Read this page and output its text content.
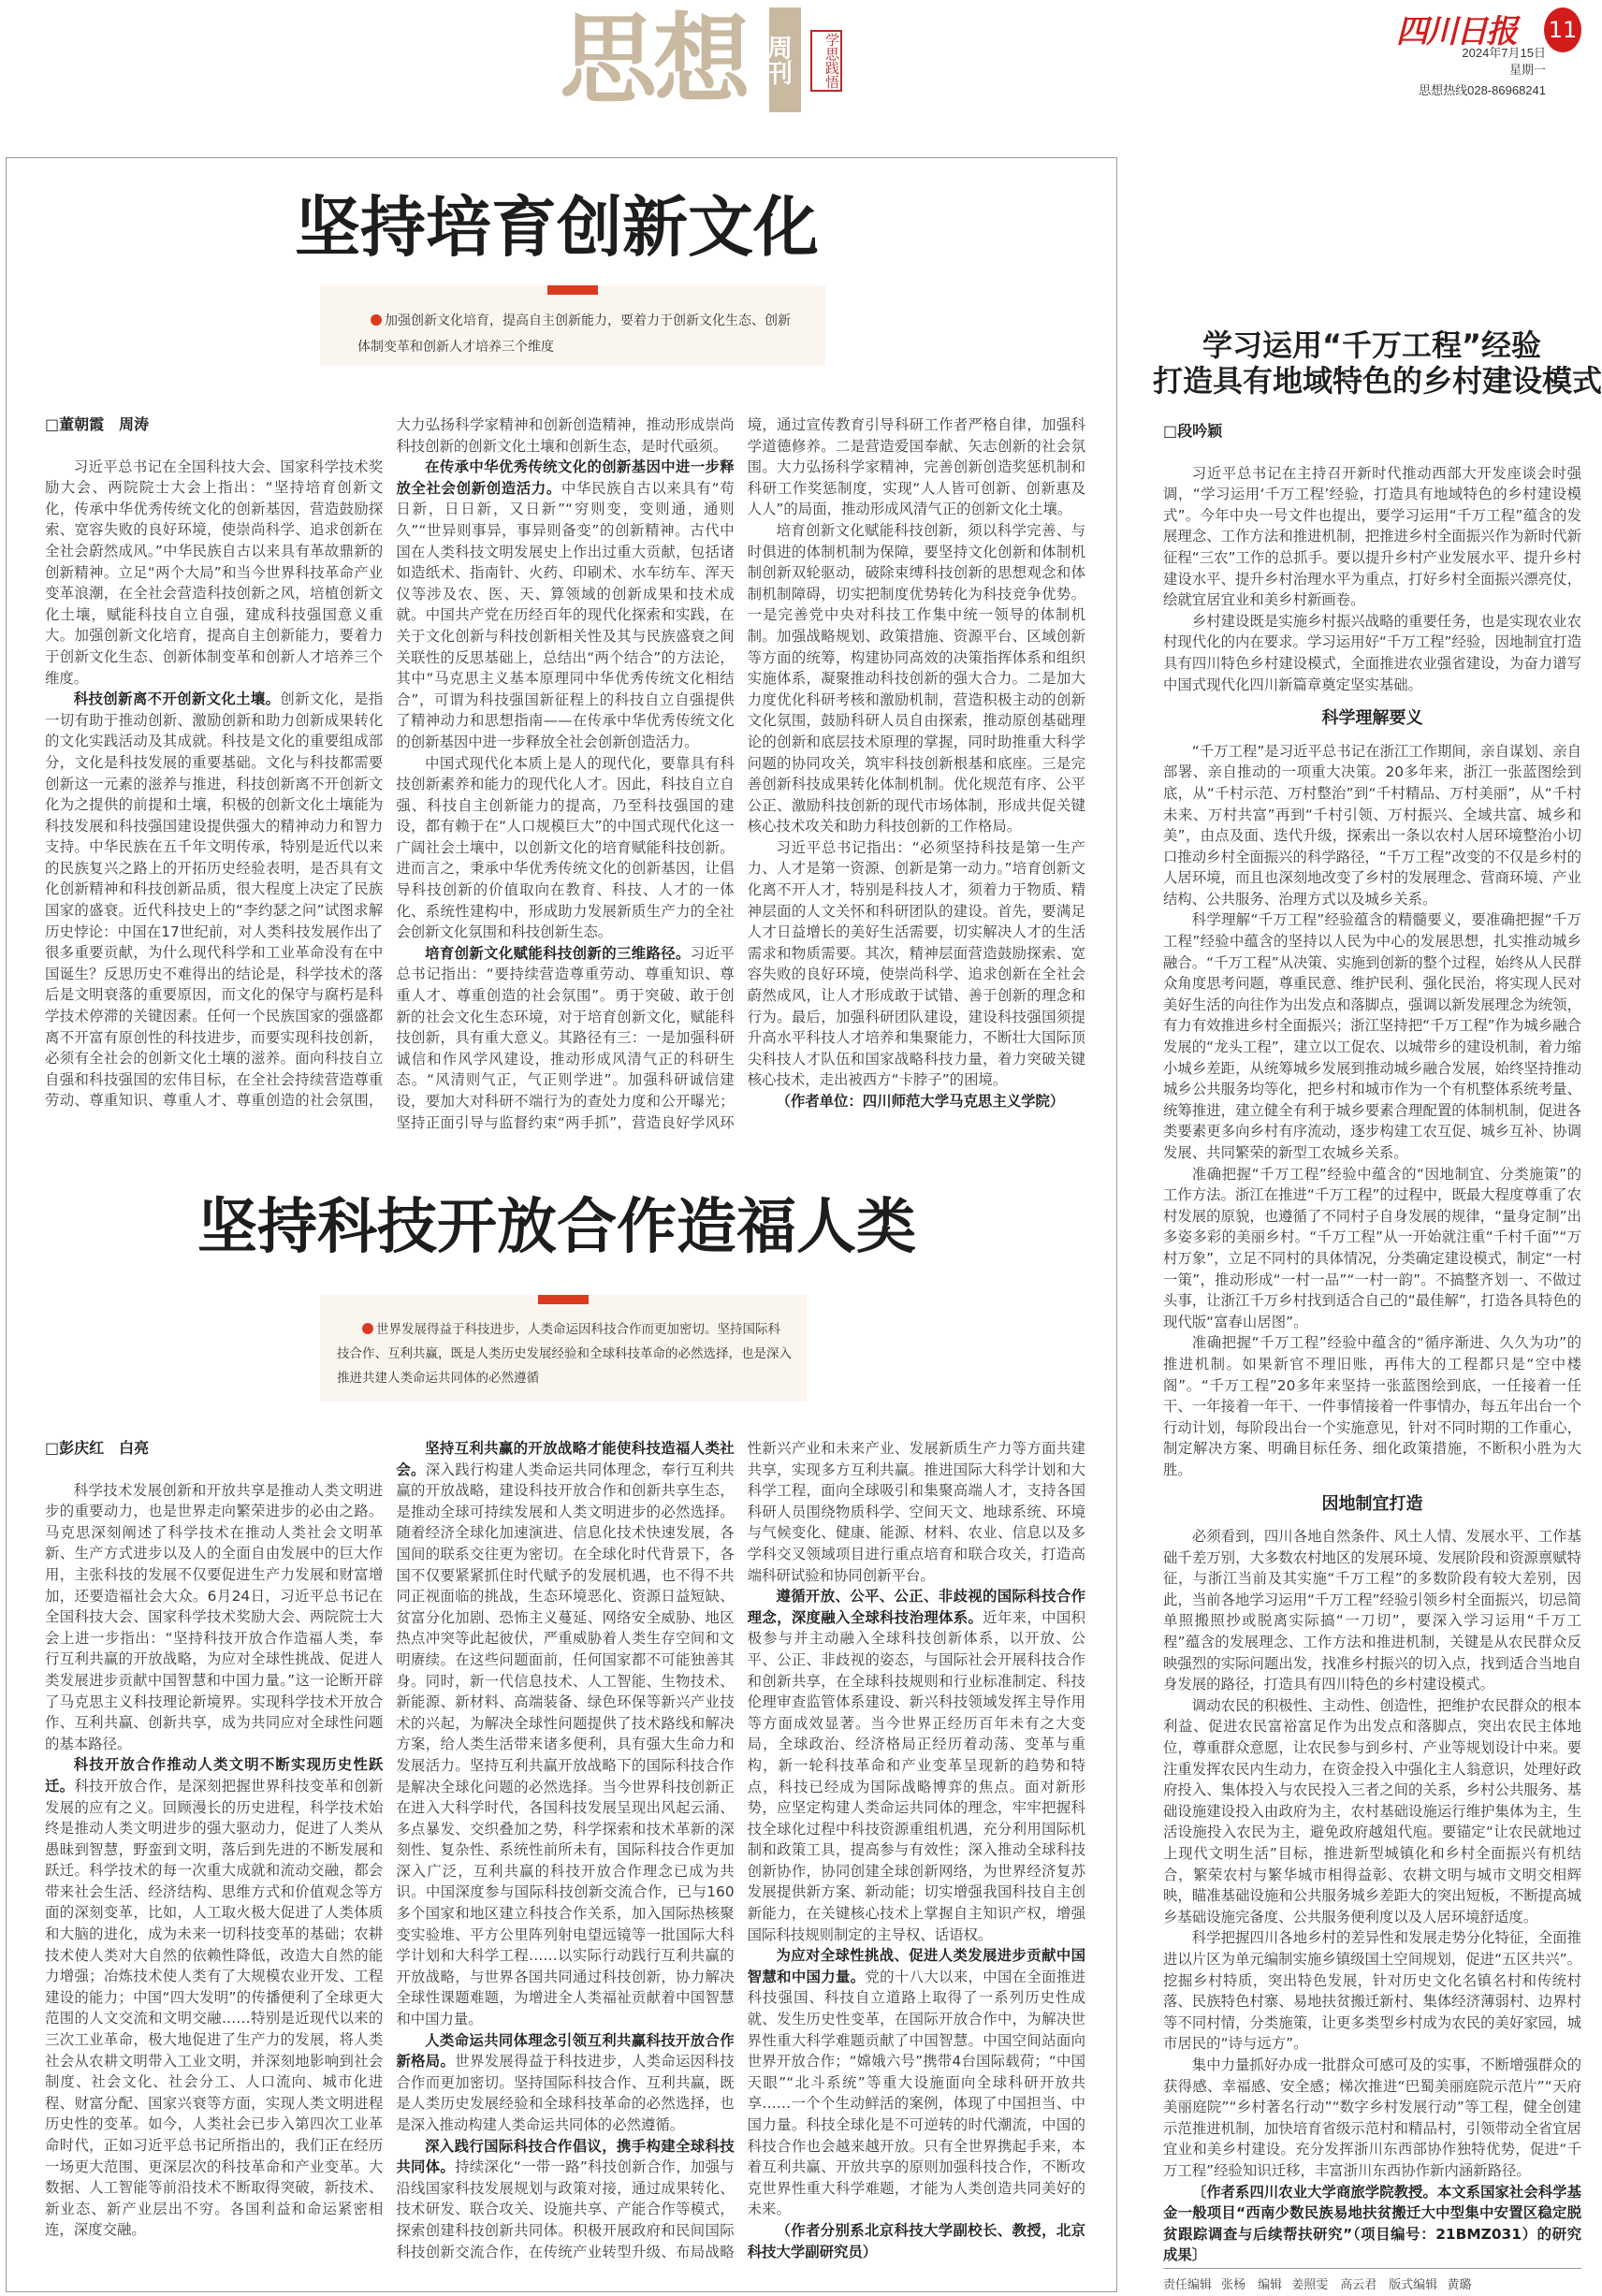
思想 周刊	学思践悟
四川日报 11
2024年7月15日
星期一
思想热线028-86968241
坚持培育创新文化
加强创新文化培育，提高自主创新能力，要着力于创新文化生态、创新体制变革和创新人才培养三个维度
□董朝霞　周涛

习近平总书记在全国科技大会、国家科学技术奖励大会、两院院士大会上指出：“坚持培育创新文化，传承中华优秀传统文化的创新基因，营造鼓励探索、宽容失败的良好环境，使崇尚科学、追求创新在全社会蔚然成风。”中华民族自古以来具有革故鼎新的创新精神。立足“两个大局”和当今世界科技革命产业变革浪潮，在全社会营造科技创新之风，培植创新文化土壤，赋能科技自立自强，建成科技强国意义重大。加强创新文化培育，提高自主创新能力，要着力于创新文化生态、创新体制变革和创新人才培养三个维度。

科技创新离不开创新文化土壤。创新文化，是指一切有助于推动创新、激励创新和助力创新成果转化的文化实践活动及其成就。科技是文化的重要组成部分，文化是科技发展的重要基础。文化与科技都需要创新这一元素的滋养与推进，科技创新离不开创新文化为之提供的前提和土壤，积极的创新文化土壤能为科技发展和科技强国建设提供强大的精神动力和智力支持。中华民族在五千年文明传承，特别是近代以来的民族复兴之路上的开拓历史经验表明，是否具有文化创新精神和科技创新品质，很大程度上决定了民族国家的盛衰。近代科技史上的“李约瑟之问”试图求解历史悖论：中国在17世纪前，对人类科技发展作出了很多重要贡献，为什么现代科学和工业革命没有在中国诞生？反思历史不难得出的结论是，科学技术的落后是文明衰落的重要原因，而文化的保守与腐朽是科学技术停滞的关键因素。任何一个民族国家的强盛都离不开富有原创性的科技进步，而要实现科技创新，必须有全社会的创新文化土壤的滋养。面向科技自立自强和科技强国的宏伟目标，在全社会持续营造尊重劳动、尊重知识、尊重人才、尊重创造的社会氛围，大力弘扬科学家精神和创新创造精神，推动形成崇尚科技创新的创新文化土壤和创新生态，是时代亟须。

在传承中华优秀传统文化的创新基因中进一步释放全社会创新创造活力。中华民族自古以来具有“苟日新，日日新，又日新”“穷则变，变则通，通则久”“世异则事异，事异则备变”的创新精神。古代中国在人类科技文明发展史上作出过重大贡献，包括诸如造纸术、指南针、火药、印刷术、水车纺车、浑天仪等涉及农、医、天、算领域的创新成果和技术成就。中国共产党在历经百年的现代化探索和实践，在关于文化创新与科技创新相关性及其与民族盛衰之间关联性的反思基础上，总结出“两个结合”的方法论，其中“马克思主义基本原理同中华优秀传统文化相结合”，可谓为科技强国新征程上的科技自立自强提供了精神动力和思想指南——在传承中华优秀传统文化的创新基因中进一步释放全社会创新创造活力。

中国式现代化本质上是人的现代化，要靠具有科技创新素养和能力的现代化人才。因此，科技自立自强、科技自主创新能力的提高，乃至科技强国的建设，都有赖于在“人口规模巨大”的中国式现代化这一广阔社会土壤中，以创新文化的培育赋能科技创新。进而言之，秉承中华优秀传统文化的创新基因，让倡导科技创新的价值取向在教育、科技、人才的一体化、系统性建构中，形成助力发展新质生产力的全社会创新文化氛围和科技创新生态。

培育创新文化赋能科技创新的三维路径。习近平总书记指出：“要持续营造尊重劳动、尊重知识、尊重人才、尊重创造的社会氛围”。勇于突破、敢于创新的社会文化生态环境，对于培育创新文化，赋能科技创新，具有重大意义。其路径有三：一是加强科研诚信和作风学风建设，推动形成风清气正的科研生态。“风清则气正，气正则学进”。加强科研诚信建设，要加大对科研不端行为的查处力度和公开曝光；坚持正面引导与监督约束“两手抓”，营造良好学风环境，通过宣传教育引导科研工作者严格自律，加强科学道德修养。二是营造爱国奉献、矢志创新的社会氛围。大力弘扬科学家精神，完善创新创造奖惩机制和科研工作奖惩制度，实现“人人皆可创新、创新惠及人人”的局面，推动形成风清气正的创新文化土壤。

培育创新文化赋能科技创新，须以科学完善、与时俱进的体制机制为保障，要坚持文化创新和体制机制创新双轮驱动，破除束缚科技创新的思想观念和体制机制障碍，切实把制度优势转化为科技竞争优势。一是完善党中央对科技工作集中统一领导的体制机制。加强战略规划、政策措施、资源平台、区域创新等方面的统筹，构建协同高效的决策指挥体系和组织实施体系，凝聚推动科技创新的强大合力。二是加大力度优化科研考核和激励机制，营造积极主动的创新文化氛围，鼓励科研人员自由探索，推动原创基础理论的创新和底层技术原理的掌握，同时助推重大科学问题的协同攻关，筑牢科技创新根基和底座。三是完善创新科技成果转化体制机制。优化规范有序、公平公正、激励科技创新的现代市场体制，形成共促关键核心技术攻关和助力科技创新的工作格局。

习近平总书记指出：“必须坚持科技是第一生产力、人才是第一资源、创新是第一动力。”培育创新文化离不开人才，特别是科技人才，须着力于物质、精神层面的人文关怀和科研团队的建设。首先，要满足人才日益增长的美好生活需要，切实解决人才的生活需求和物质需要。其次，精神层面营造鼓励探索、宽容失败的良好环境，使崇尚科学、追求创新在全社会蔚然成风，让人才形成敢于试错、善于创新的理念和行为。最后，加强科研团队建设，建设科技强国须提升高水平科技人才培养和集聚能力，不断壮大国际顶尖科技人才队伍和国家战略科技力量，着力突破关键核心技术，走出被西方“卡脖子”的困境。

（作者单位：四川师范大学马克思主义学院）

坚持科技开放合作造福人类
世界发展得益于科技进步，人类命运因科技合作而更加密切。坚持国际科技合作、互利共赢，既是人类历史发展经验和全球科技革命的必然选择，也是深入推进共建人类命运共同体的必然遵循
□彭庆红　白亮

科学技术发展创新和开放共享是推动人类文明进步的重要动力，也是世界走向繁荣进步的必由之路。马克思深刻阐述了科学技术在推动人类社会文明革新、生产方式进步以及人的全面自由发展中的巨大作用，主张科技的发展不仅要促进生产力发展和财富增加，还要造福社会大众。6月24日，习近平总书记在全国科技大会、国家科学技术奖励大会、两院院士大会上进一步指出：“坚持科技开放合作造福人类，奉行互利共赢的开放战略，为应对全球性挑战、促进人类发展进步贡献中国智慧和中国力量。”这一论断开辟了马克思主义科技理论新境界。实现科学技术开放合作、互利共赢、创新共享，成为共同应对全球性问题的基本路径。

科技开放合作推动人类文明不断实现历史性跃迁。科技开放合作，是深刻把握世界科技变革和创新发展的应有之义。回顾漫长的历史进程，科学技术始终是推动人类文明进步的强大驱动力，促进了人类从愚昧到智慧，野蛮到文明，落后到先进的不断发展和跃迁。科学技术的每一次重大成就和流动交融，都会带来社会生活、经济结构、思维方式和价值观念等方面的深刻变革，比如，人工取火极大促进了人类体质和大脑的进化，成为未来一切科技变革的基础；农耕技术使人类对大自然的依赖性降低，改造大自然的能力增强；冶炼技术使人类有了大规模农业开发、工程建设的能力；中国“四大发明”的传播便利了全球更大范围的人文交流和文明交融……特别是近现代以来的三次工业革命，极大地促进了生产力的发展，将人类社会从农耕文明带入工业文明，并深刻地影响到社会制度、社会文化、社会分工、人口流向、城市化进程、财富分配、国家兴衰等方面，实现人类文明进程历史性的变革。如今，人类社会已步入第四次工业革命时代，正如习近平总书记所指出的，我们正在经历一场更大范围、更深层次的科技革命和产业变革。大数据、人工智能等前沿技术不断取得突破，新技术、新业态、新产业层出不穷。各国利益和命运紧密相连，深度交融。

坚持互利共赢的开放战略才能使科技造福人类社会。深入践行构建人类命运共同体理念，奉行互利共赢的开放战略，建设科技开放合作和创新共享生态，是推动全球可持续发展和人类文明进步的必然选择。随着经济全球化加速演进、信息化技术快速发展，各国间的联系交往更为密切。在全球化时代背景下，各国不仅要紧紧抓住时代赋予的发展机遇，也不得不共同正视面临的挑战，生态环境恶化、资源日益短缺、贫富分化加剧、恐怖主义蔓延、网络安全威胁、地区热点冲突等此起彼伏，严重威胁着人类生存空间和文明赓续。在这些问题面前，任何国家都不可能独善其身。同时，新一代信息技术、人工智能、生物技术、新能源、新材料、高端装备、绿色环保等新兴产业技术的兴起，为解决全球性问题提供了技术路线和解决方案，给人类生活带来诸多便利，具有强大生命力和发展活力。坚持互利共赢开放战略下的国际科技合作是解决全球化问题的必然选择。当今世界科技创新正在进入大科学时代，各国科技发展呈现出风起云涌、多点暴发、交织叠加之势，科学探索和技术革新的深刻性、复杂性、系统性前所未有，国际科技合作更加深入广泛，互利共赢的科技开放合作理念已成为共识。中国深度参与国际科技创新交流合作，已与160多个国家和地区建立科技合作关系，加入国际热核聚变实验堆、平方公里阵列射电望远镜等一批国际大科学计划和大科学工程……以实际行动践行互利共赢的开放战略，与世界各国共同通过科技创新，协力解决全球性课题难题，为增进全人类福祉贡献着中国智慧和中国力量。

人类命运共同体理念引领互利共赢科技开放合作新格局。世界发展得益于科技进步，人类命运因科技合作而更加密切。坚持国际科技合作、互利共赢，既是人类历史发展经验和全球科技革命的必然选择，也是深入推动构建人类命运共同体的必然遵循。

深入践行国际科技合作倡议，携手构建全球科技共同体。持续深化“一带一路”科技创新合作，加强与沿线国家科技发展规划与政策对接，通过成果转化、技术研发、联合攻关、设施共享、产能合作等模式，探索创建科技创新共同体。积极开展政府和民间国际科技创新交流合作，在传统产业转型升级、布局战略性新兴产业和未来产业、发展新质生产力等方面共建共享，实现多方互利共赢。推进国际大科学计划和大科学工程，面向全球吸引和集聚高端人才，支持各国科研人员围绕物质科学、空间天文、地球系统、环境与气候变化、健康、能源、材料、农业、信息以及多学科交叉领域项目进行重点培育和联合攻关，打造高端科研试验和协同创新平台。

遵循开放、公平、公正、非歧视的国际科技合作理念，深度融入全球科技治理体系。近年来，中国积极参与并主动融入全球科技创新体系，以开放、公平、公正、非歧视的姿态，与国际社会开展科技合作和创新共享，在全球科技规则和行业标准制定、科技伦理审查监管体系建设、新兴科技领域发挥主导作用等方面成效显著。当今世界正经历百年未有之大变局，全球政治、经济格局正经历着动荡、变革与重构，新一轮科技革命和产业变革呈现新的趋势和特点，科技已经成为国际战略博弈的焦点。面对新形势，应坚定构建人类命运共同体的理念，牢牢把握科技全球化过程中科技资源重组机遇，充分利用国际机制和政策工具，提高参与有效性；深入推动全球科技创新协作，协同创建全球创新网络，为世界经济复苏发展提供新方案、新动能；切实增强我国科技自主创新能力，在关键核心技术上掌握自主知识产权，增强国际科技规则制定的主导权、话语权。

为应对全球性挑战、促进人类发展进步贡献中国智慧和中国力量。党的十八大以来，中国在全面推进科技强国、科技自立道路上取得了一系列历史性成就、发生历史性变革，在国际开放合作中，为解决世界性重大科学难题贡献了中国智慧。中国空间站面向世界开放合作；“嫦娥六号”携带4台国际载荷；“中国天眼”“北斗系统”等重大设施面向全球科研开放共享……一个个生动鲜活的案例，体现了中国担当、中国力量。科技全球化是不可逆转的时代潮流，中国的科技合作也会越来越开放。只有全世界携起手来，本着互利共赢、开放共享的原则加强科技合作，不断攻克世界性重大科学难题，才能为人类创造共同美好的未来。

（作者分别系北京科技大学副校长、教授，北京科技大学副研究员）

学习运用“千万工程”经验
打造具有地域特色的乡村建设模式
□段吟颖

习近平总书记在主持召开新时代推动西部大开发座谈会时强调，“学习运用‘千万工程’经验，打造具有地域特色的乡村建设模式”。今年中央一号文件也提出，要学习运用“千万工程”蕴含的发展理念、工作方法和推进机制，把推进乡村全面振兴作为新时代新征程“三农”工作的总抓手。要以提升乡村产业发展水平、提升乡村建设水平、提升乡村治理水平为重点，打好乡村全面振兴漂亮仗，绘就宜居宜业和美乡村新画卷。

乡村建设既是实施乡村振兴战略的重要任务，也是实现农业农村现代化的内在要求。学习运用好“千万工程”经验，因地制宜打造具有四川特色乡村建设模式，全面推进农业强省建设，为奋力谱写中国式现代化四川新篇章奠定坚实基础。

科学理解要义

“千万工程”是习近平总书记在浙江工作期间，亲自谋划、亲自部署、亲自推动的一项重大决策。20多年来，浙江一张蓝图绘到底，从“千村示范、万村整治”到“千村精品、万村美丽”，从“千村未来、万村共富”再到“千村引领、万村振兴、全域共富、城乡和美”，由点及面、迭代升级，探索出一条以农村人居环境整治小切口推动乡村全面振兴的科学路径，“千万工程”改变的不仅是乡村的人居环境，而且也深刻地改变了乡村的发展理念、营商环境、产业结构、公共服务、治理方式以及城乡关系。

科学理解“千万工程”经验蕴含的精髓要义，要准确把握“千万工程”经验中蕴含的坚持以人民为中心的发展思想，扎实推动城乡融合。“千万工程”从决策、实施到创新的整个过程，始终从人民群众角度思考问题，尊重民意、维护民利、强化民治，将实现人民对美好生活的向往作为出发点和落脚点，强调以新发展理念为统领，有力有效推进乡村全面振兴；浙江坚持把“千万工程”作为城乡融合发展的“龙头工程”，建立以工促农、以城带乡的建设机制，着力缩小城乡差距，从统筹城乡发展到推动城乡融合发展，始终坚持推动城乡公共服务均等化，把乡村和城市作为一个有机整体系统考量、统筹推进，建立健全有利于城乡要素合理配置的体制机制，促进各类要素更多向乡村有序流动，逐步构建工农互促、城乡互补、协调发展、共同繁荣的新型工农城乡关系。

准确把握“千万工程”经验中蕴含的“因地制宜、分类施策”的工作方法。浙江在推进“千万工程”的过程中，既最大程度尊重了农村发展的原貌，也遵循了不同村子自身发展的规律，“量身定制”出多姿多彩的美丽乡村。“千万工程”从一开始就注重“千村千面”“万村万象”，立足不同村的具体情况，分类确定建设模式，制定“一村一策”，推动形成“一村一品”“一村一韵”。不搞整齐划一、不做过头事，让浙江千万乡村找到适合自己的“最佳解”，打造各具特色的现代版“富春山居图”。

准确把握“千万工程”经验中蕴含的“循序渐进、久久为功”的推进机制。如果新官不理旧账，再伟大的工程都只是“空中楼阁”。“千万工程”20多年来坚持一张蓝图绘到底，一任接着一任干、一年接着一年干、一件事情接着一件事情办，每五年出台一个行动计划，每阶段出台一个实施意见，针对不同时期的工作重心，制定解决方案、明确目标任务、细化政策措施，不断积小胜为大胜。

因地制宜打造

必须看到，四川各地自然条件、风土人情、发展水平、工作基础千差万别，大多数农村地区的发展环境、发展阶段和资源禀赋特征，与浙江当前及其实施“千万工程”的多数阶段有较大差别，因此，当前各地学习运用“千万工程”经验引领乡村全面振兴，切忌简单照搬照抄或脱离实际搞“一刀切”，要深入学习运用“千万工程”蕴含的发展理念、工作方法和推进机制，关键是从农民群众反映强烈的实际问题出发，找准乡村振兴的切入点，找到适合当地自身发展的路径，打造具有四川特色的乡村建设模式。

调动农民的积极性、主动性、创造性，把维护农民群众的根本利益、促进农民富裕富足作为出发点和落脚点，突出农民主体地位，尊重群众意愿，让农民参与到乡村、产业等规划设计中来。要注重发挥农民内生动力，在资金投入中强化主人翁意识，处理好政府投入、集体投入与农民投入三者之间的关系，乡村公共服务、基础设施建设投入由政府为主，农村基础设施运行维护集体为主，生活设施投入农民为主，避免政府越俎代庖。要锚定“让农民就地过上现代文明生活”目标，推进新型城镇化和乡村全面振兴有机结合，繁荣农村与繁华城市相得益彰、农耕文明与城市文明交相辉映，瞄准基础设施和公共服务城乡差距大的突出短板，不断提高城乡基础设施完备度、公共服务便利度以及人居环境舒适度。

科学把握四川各地乡村的差异性和发展走势分化特征，全面推进以片区为单元编制实施乡镇级国土空间规划，促进“五区共兴”。挖掘乡村特质，突出特色发展，针对历史文化名镇名村和传统村落、民族特色村寨、易地扶贫搬迁新村、集体经济薄弱村、边界村等不同村情，分类施策，让更多类型乡村成为农民的美好家园，城市居民的“诗与远方”。

集中力量抓好办成一批群众可感可及的实事，不断增强群众的获得感、幸福感、安全感；梯次推进“巴蜀美丽庭院示范片”“天府美丽庭院”“乡村著名行动”“数字乡村发展行动”等工程，健全创建示范推进机制，加快培育省级示范村和精品村，引领带动全省宜居宜业和美乡村建设。充分发挥浙川东西部协作独特优势，促进“千万工程”经验知识迁移，丰富浙川东西协作新内涵新路径。

〔作者系四川农业大学商旅学院教授。本文系国家社会科学基金一般项目“西南少数民族易地扶贫搬迁大中型集中安置区稳定脱贫跟踪调查与后续帮扶研究”（项目编号：21BMZ031）的研究成果〕

责任编辑 张杨　编辑 姜照雯　高云君　版式编辑 黄璐
